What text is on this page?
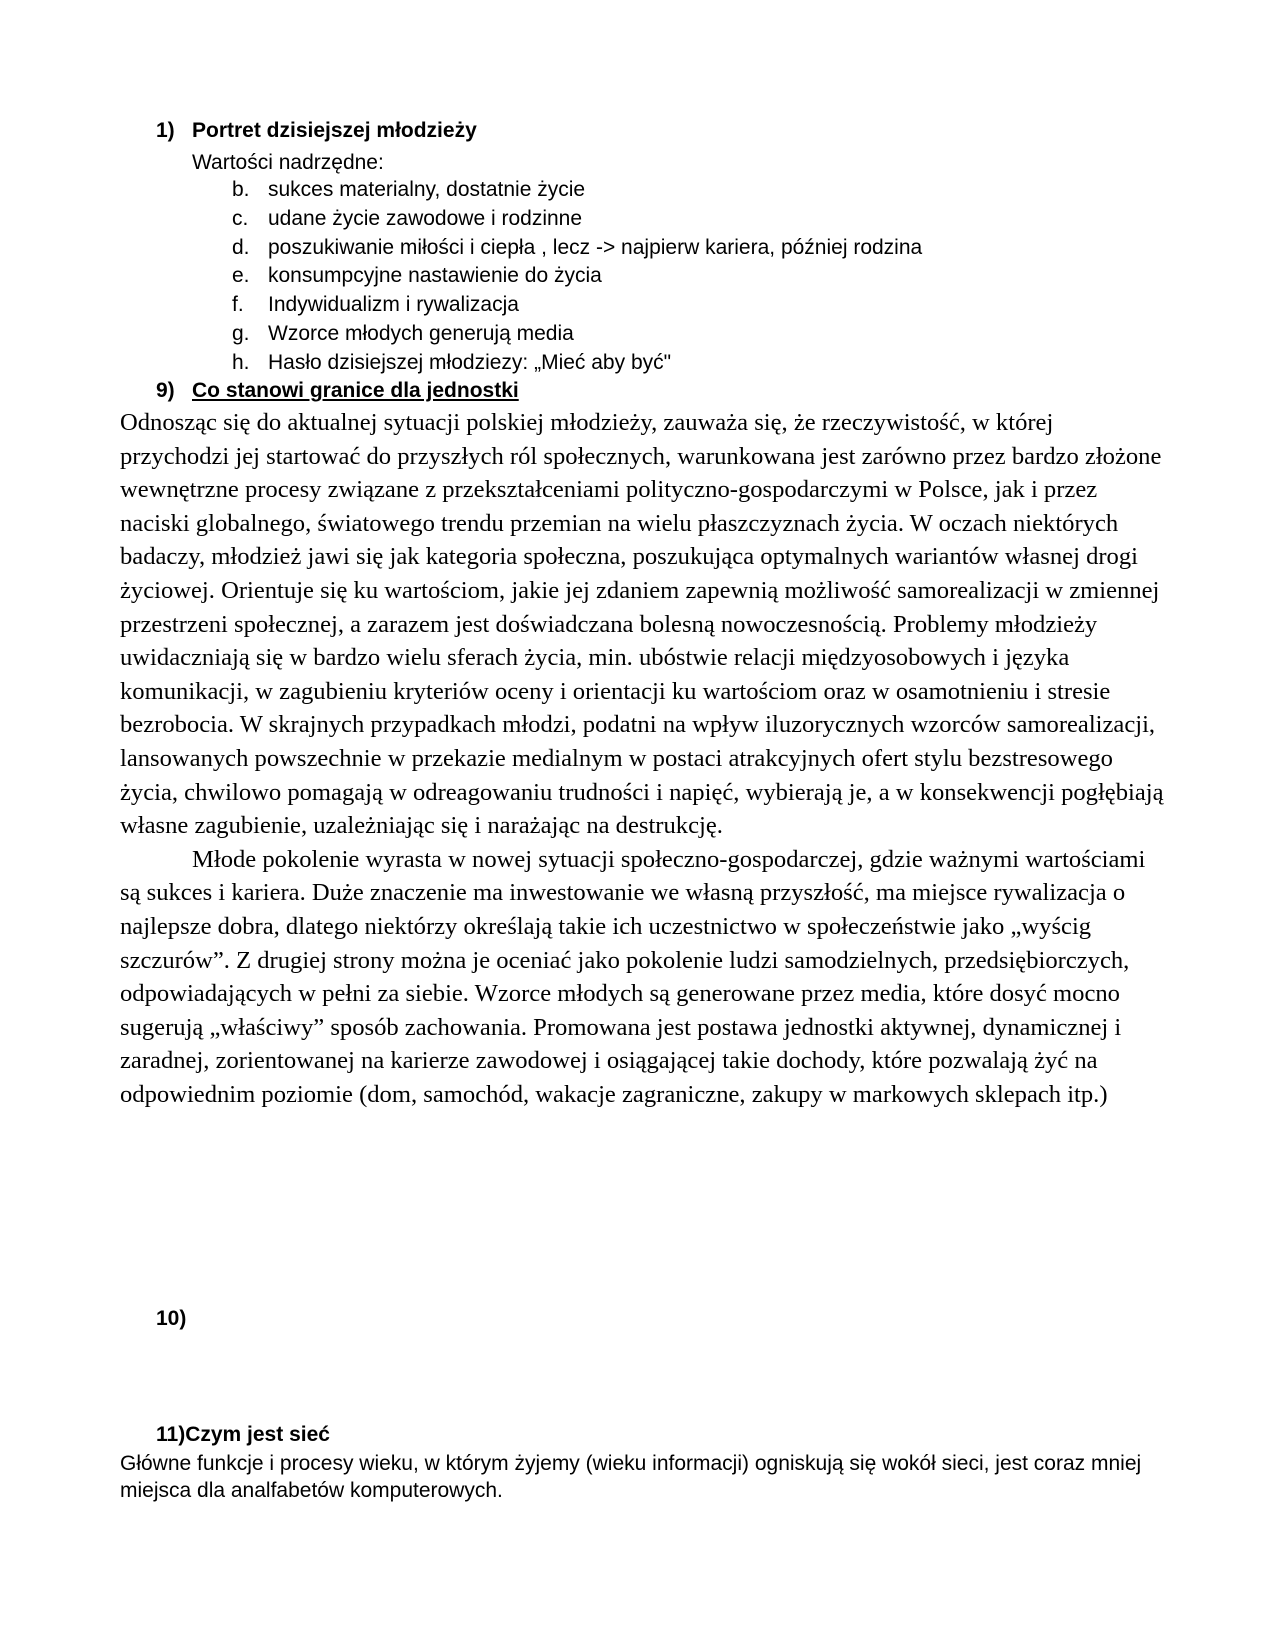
1) Portret dzisiejszej młodzieży
Wartości nadrzędne:
b. sukces materialny, dostatnie życie
c. udane życie zawodowe i rodzinne
d. poszukiwanie miłości i ciepła , lecz -> najpierw kariera, później rodzina
e. konsumpcyjne nastawienie do życia
f. Indywidualizm i rywalizacja
g. Wzorce młodych generują media
h. Hasło dzisiejszej młodziezy: „Mieć aby być"
9) Co stanowi granice dla jednostki

Odnosząc się do aktualnej sytuacji polskiej młodzieży, zauważa się, że rzeczywistość, w której przychodzi jej startować do przyszłych ról społecznych, warunkowana jest zarówno przez bardzo złożone wewnętrzne procesy związane z przekształceniami polityczno-gospodarczymi w Polsce, jak i przez naciski globalnego, światowego trendu przemian na wielu płaszczyznach życia. W oczach niektórych badaczy, młodzież jawi się jak kategoria społeczna, poszukująca optymalnych wariantów własnej drogi życiowej. Orientuje się ku wartościom, jakie jej zdaniem zapewnią możliwość samorealizacji w zmiennej przestrzeni społecznej, a zarazem jest doświadczana bolesną nowoczesnością. Problemy młodzieży uwidaczniają się w bardzo wielu sferach życia, min. ubóstwie relacji międzyosobowych i języka komunikacji, w zagubieniu kryteriów oceny i orientacji ku wartościom oraz w osamotnieniu i stresie bezrobocia. W skrajnych przypadkach młodzi, podatni na wpływ iluzorycznych wzorców samorealizacji, lansowanych powszechnie w przekazie medialnym w postaci atrakcyjnych ofert stylu bezstresowego życia, chwilowo pomagają w odreagowaniu trudności i napięć, wybierają je, a w konsekwencji pogłębiają własne zagubienie, uzależniając się i narażając na destrukcję.

Młode pokolenie wyrasta w nowej sytuacji społeczno-gospodarczej, gdzie ważnymi wartościami są sukces i kariera. Duże znaczenie ma inwestowanie we własną przyszłość, ma miejsce rywalizacja o najlepsze dobra, dlatego niektórzy określają takie ich uczestnictwo w społeczeństwie jako „wyścig szczurów”. Z drugiej strony można je oceniać jako pokolenie ludzi samodzielnych, przedsiębiorczych, odpowiadających w pełni za siebie. Wzorce młodych są generowane przez media, które dosyć mocno sugerują „właściwy” sposób zachowania. Promowana jest postawa jednostki aktywnej, dynamicznej i zaradnej, zorientowanej na karierze zawodowej i osiągającej takie dochody, które pozwalają żyć na odpowiednim poziomie (dom, samochód, wakacje zagraniczne, zakupy w markowych sklepach itp.)

10)
11)Czym jest sieć
Główne funkcje i procesy wieku, w którym żyjemy (wieku informacji) ogniskują się wokół sieci, jest coraz mniej miejsca dla analfabetów komputerowych.
